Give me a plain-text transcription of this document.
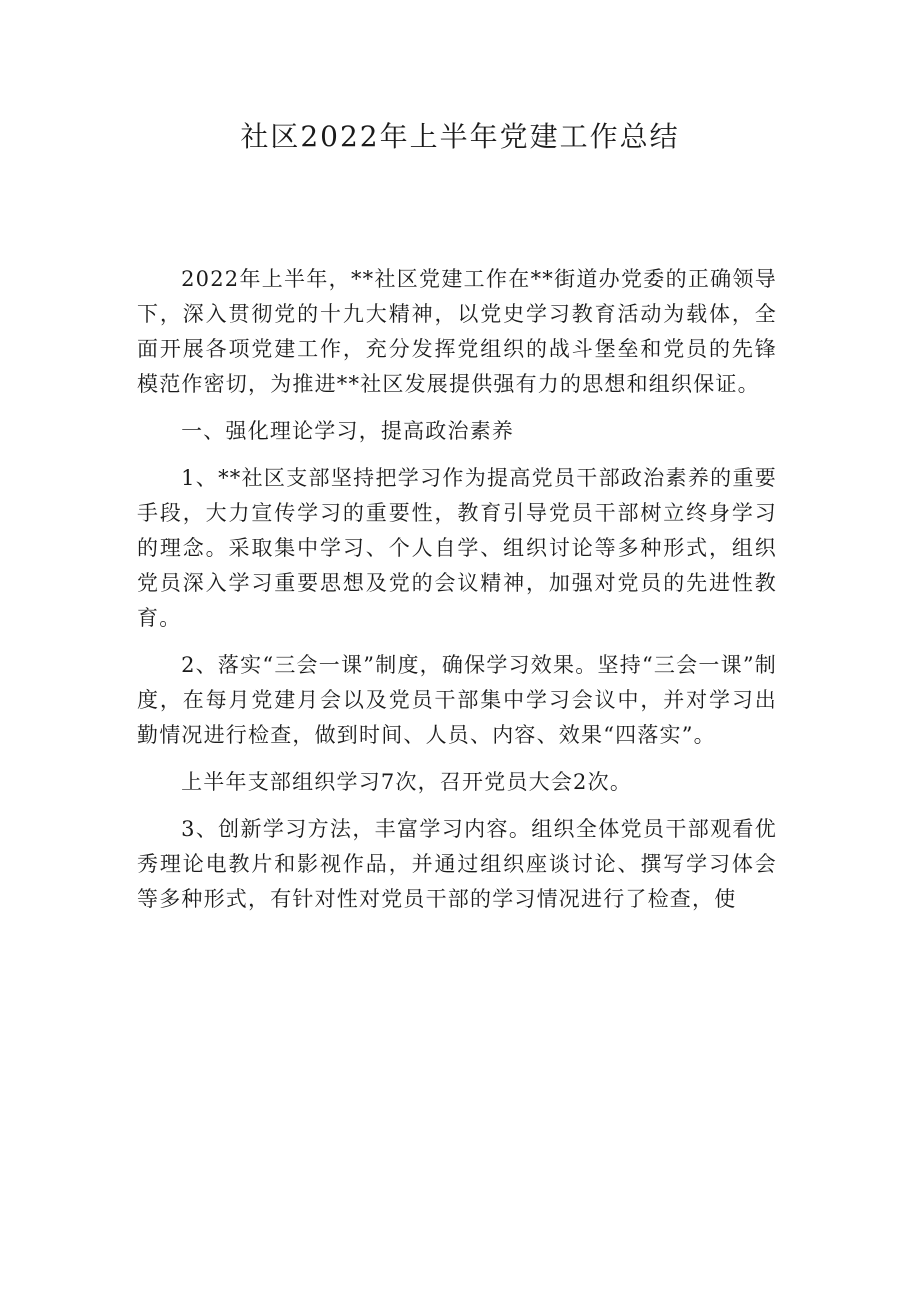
社区2022年上半年党建工作总结

2022年上半年，**社区党建工作在**街道办党委的正确领导下，深入贯彻党的十九大精神，以党史学习教育活动为载体，全面开展各项党建工作，充分发挥党组织的战斗堡垒和党员的先锋模范作密切，为推进**社区发展提供强有力的思想和组织保证。

一、强化理论学习，提高政治素养

1、**社区支部坚持把学习作为提高党员干部政治素养的重要手段，大力宣传学习的重要性，教育引导党员干部树立终身学习的理念。采取集中学习、个人自学、组织讨论等多种形式，组织党员深入学习重要思想及党的会议精神，加强对党员的先进性教育。

2、落实“三会一课”制度，确保学习效果。坚持“三会一课”制度，在每月党建月会以及党员干部集中学习会议中，并对学习出勤情况进行检查，做到时间、人员、内容、效果“四落实”。

上半年支部组织学习7次，召开党员大会2次。

3、创新学习方法，丰富学习内容。组织全体党员干部观看优秀理论电教片和影视作品，并通过组织座谈讨论、撰写学习体会等多种形式，有针对性对党员干部的学习情况进行了检查，使
